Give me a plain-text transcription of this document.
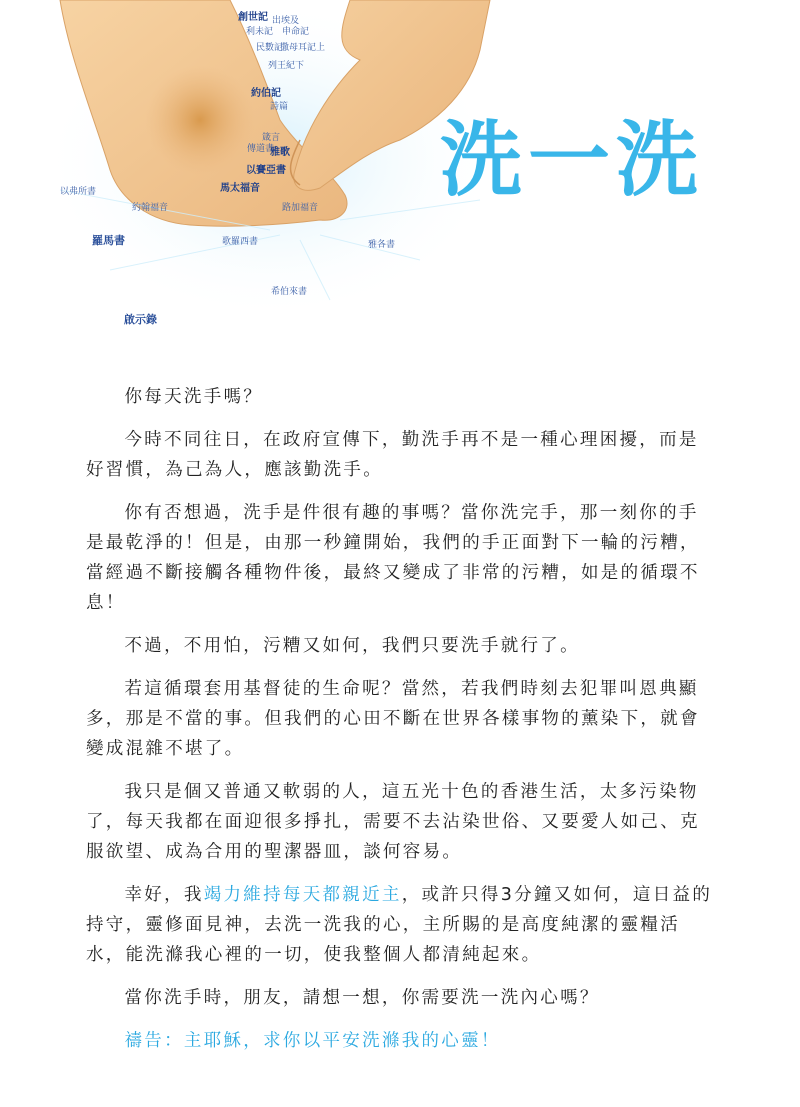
創世記 出埃及
利未記 申命記
民數記
撒母耳記上
列王紀下
約伯記
詩篇
箴言
傳道書
雅歌
以賽亞書
馬太福音
以弗所書
約翰福音	路加福音
羅馬書	歌羅西書	雅各書
希伯來書
啟示錄
洗一洗

你每天洗手嗎？

今時不同往日，在政府宣傳下，勤洗手再不是一種心理困擾，而是好習慣，為己為人，應該勤洗手。

你有否想過，洗手是件很有趣的事嗎？當你洗完手，那一刻你的手是最乾淨的！但是，由那一秒鐘開始，我們的手正面對下一輪的污糟，當經過不斷接觸各種物件後，最終又變成了非常的污糟，如是的循環不息！

不過，不用怕，污糟又如何，我們只要洗手就行了。

若這循環套用基督徒的生命呢？當然，若我們時刻去犯罪叫恩典顯多，那是不當的事。但我們的心田不斷在世界各樣事物的薰染下，就會變成混雜不堪了。

我只是個又普通又軟弱的人，這五光十色的香港生活，太多污染物了，每天我都在面迎很多掙扎，需要不去沾染世俗、又要愛人如己、克服欲望、成為合用的聖潔器皿，談何容易。

幸好，我竭力維持每天都親近主，或許只得3分鐘又如何，這日益的持守，靈修面見神，去洗一洗我的心，主所賜的是高度純潔的靈糧活水，能洗滌我心裡的一切，使我整個人都清純起來。

當你洗手時，朋友，請想一想，你需要洗一洗內心嗎？

禱告：主耶穌，求你以平安洗滌我的心靈！
